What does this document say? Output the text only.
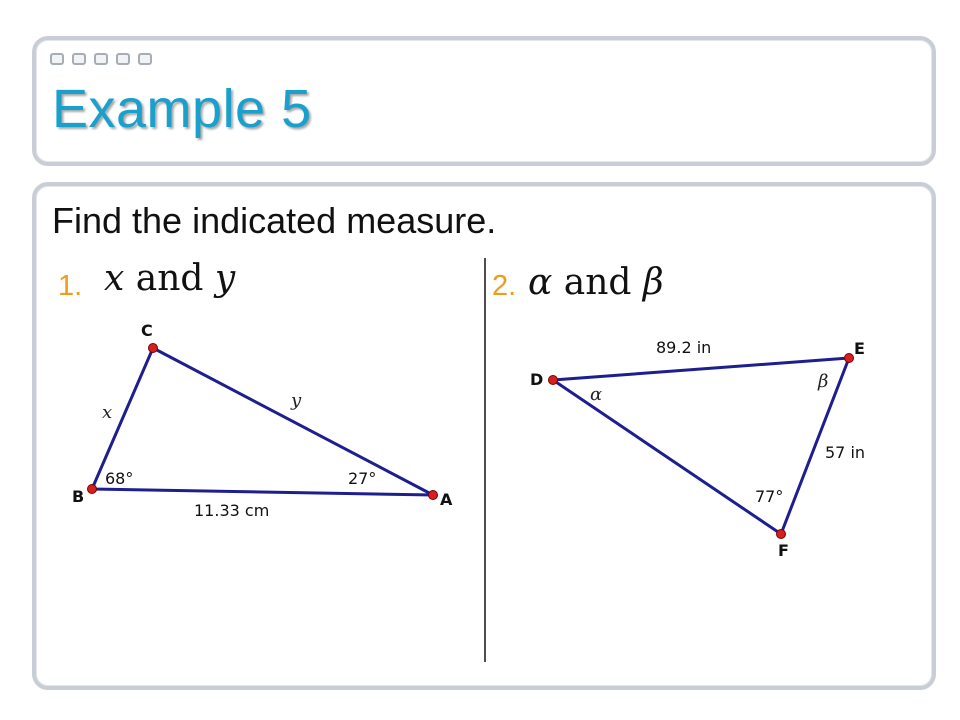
Example 5
Find the indicated measure.
1. x and y	2. α and β
C
B	A
68°	27°
11.33 cm
x
y
D
E
F
89.2 in
57 in
77°
α
β
